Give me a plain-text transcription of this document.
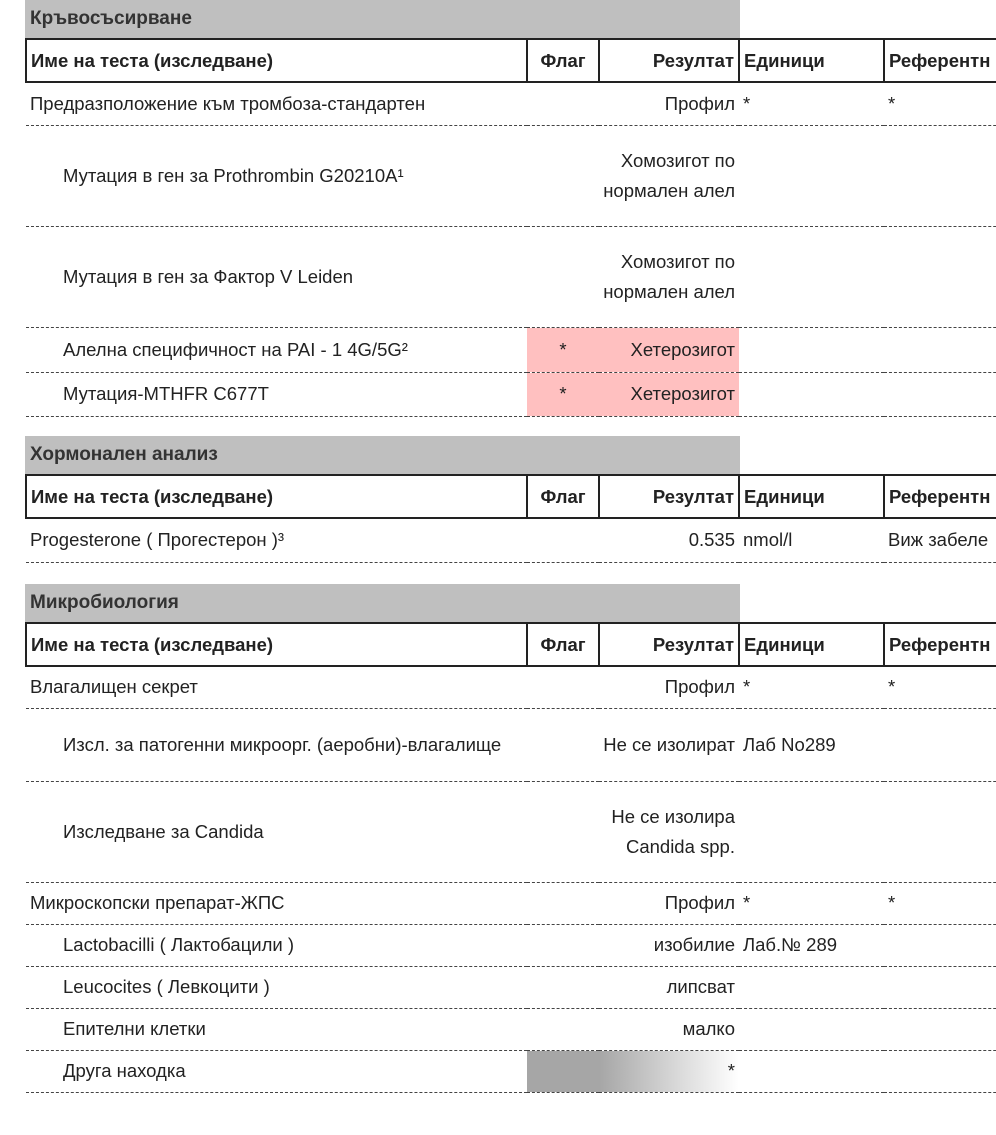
Кръвосъсирване
Име на теста (изследване)	Флаг	Резултат	Единици	Референтн
Предразположение към тромбоза-стандартен		Профил	*	*
Мутация в ген за Prothrombin G20210A¹		Хомозигот по нормален алел		
Мутация в ген за Фактор V Leiden		Хомозигот по нормален алел		
Алелна специфичност на PAI - 1 4G/5G²	*	Хетерозигот		
Мутация-MTHFR C677T	*	Хетерозигот		
Хормонален анализ
Име на теста (изследване)	Флаг	Резултат	Единици	Референтн
Progesterone ( Прогестерон )³		0.535	nmol/l	Виж забеле
Микробиология
Име на теста (изследване)	Флаг	Резултат	Единици	Референтн
Влагалищен секрет		Профил	*	*
Изсл. за патогенни микроорг. (аеробни)-влагалище		Не се изолират	Лаб No289	
Изследване за Candida		Не се изолира Candida spp.		
Микроскопски препарат-ЖПС		Профил	*	*
Lactobacilli ( Лактобацили )		изобилие	Лаб.№ 289	
Leucocites ( Левкоцити )		липсват		
Епителни клетки		малко		
Друга находка		*		
